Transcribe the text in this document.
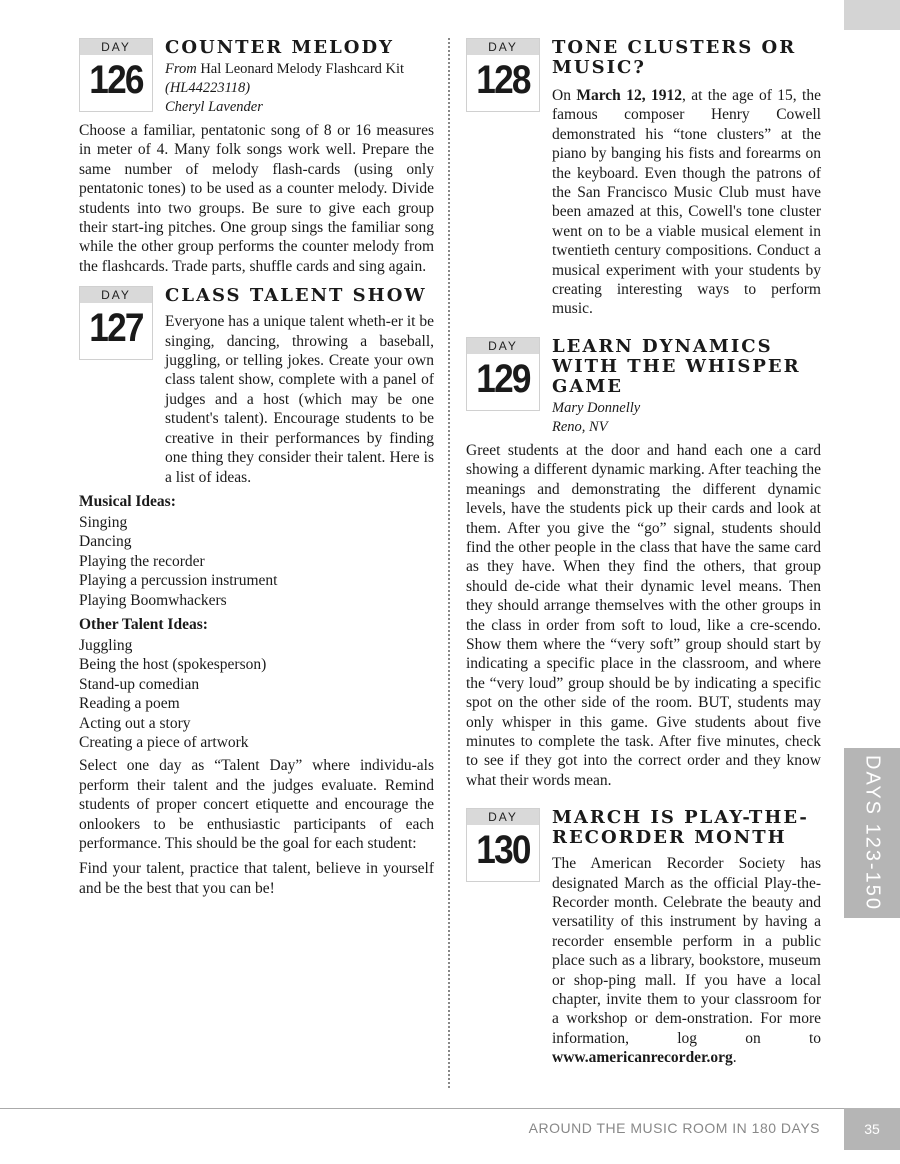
DAYS 123-150
DAY
126
COUNTER MELODY
From Hal Leonard Melody Flashcard Kit (HL44223118)
Cheryl Lavender

Choose a familiar, pentatonic song of 8 or 16 measures in meter of 4. Many folk songs work well. Prepare the same number of melody flash-cards (using only pentatonic tones) to be used as a counter melody. Divide students into two groups. Be sure to give each group their start-ing pitches. One group sings the familiar song while the other group performs the counter melody from the flashcards. Trade parts, shuffle cards and sing again.

DAY
127
CLASS TALENT SHOW

Everyone has a unique talent wheth-er it be singing, dancing, throwing a baseball, juggling, or telling jokes. Create your own class talent show, complete with a panel of judges and a host (which may be one student's talent). Encourage students to be creative in their performances by finding one thing they consider their talent. Here is a list of ideas.

Musical Ideas:
Singing
Dancing
Playing the recorder
Playing a percussion instrument
Playing Boomwhackers
Other Talent Ideas:
Juggling
Being the host (spokesperson)
Stand-up comedian
Reading a poem
Acting out a story
Creating a piece of artwork

Select one day as “Talent Day” where individu-als perform their talent and the judges evaluate. Remind students of proper concert etiquette and encourage the onlookers to be enthusiastic participants of each performance. This should be the goal for each student:

Find your talent, practice that talent, believe in yourself and be the best that you can be!

DAY
128
TONE CLUSTERS OR MUSIC?

On March 12, 1912, at the age of 15, the famous composer Henry Cowell demonstrated his “tone clusters” at the piano by banging his fists and forearms on the keyboard. Even though the patrons of the San Francisco Music Club must have been amazed at this, Cowell's tone cluster went on to be a viable musical element in twentieth century compositions. Conduct a musical experiment with your students by creating interesting ways to perform music.

DAY
129
LEARN DYNAMICS WITH THE WHISPER GAME
Mary Donnelly
Reno, NV

Greet students at the door and hand each one a card showing a different dynamic marking. After teaching the meanings and demonstrating the different dynamic levels, have the students pick up their cards and look at them. After you give the “go” signal, students should find the other people in the class that have the same card as they have. When they find the others, that group should de-cide what their dynamic level means. Then they should arrange themselves with the other groups in the class in order from soft to loud, like a cre-scendo. Show them where the “very soft” group should start by indicating a specific place in the classroom, and where the “very loud” group should be by indicating a specific spot on the other side of the room. BUT, students may only whisper in this game. Give students about five minutes to complete the task. After five minutes, check to see if they got into the correct order and they know what their words mean.

DAY
130
MARCH IS PLAY-THE-RECORDER MONTH

The American Recorder Society has designated March as the official Play-the-Recorder month. Celebrate the beauty and versatility of this instrument by having a recorder ensemble perform in a public place such as a library, bookstore, museum or shop-ping mall. If you have a local chapter, invite them to your classroom for a workshop or dem-onstration. For more information, log on to www.americanrecorder.org.

AROUND THE MUSIC ROOM IN 180 DAYS	35
